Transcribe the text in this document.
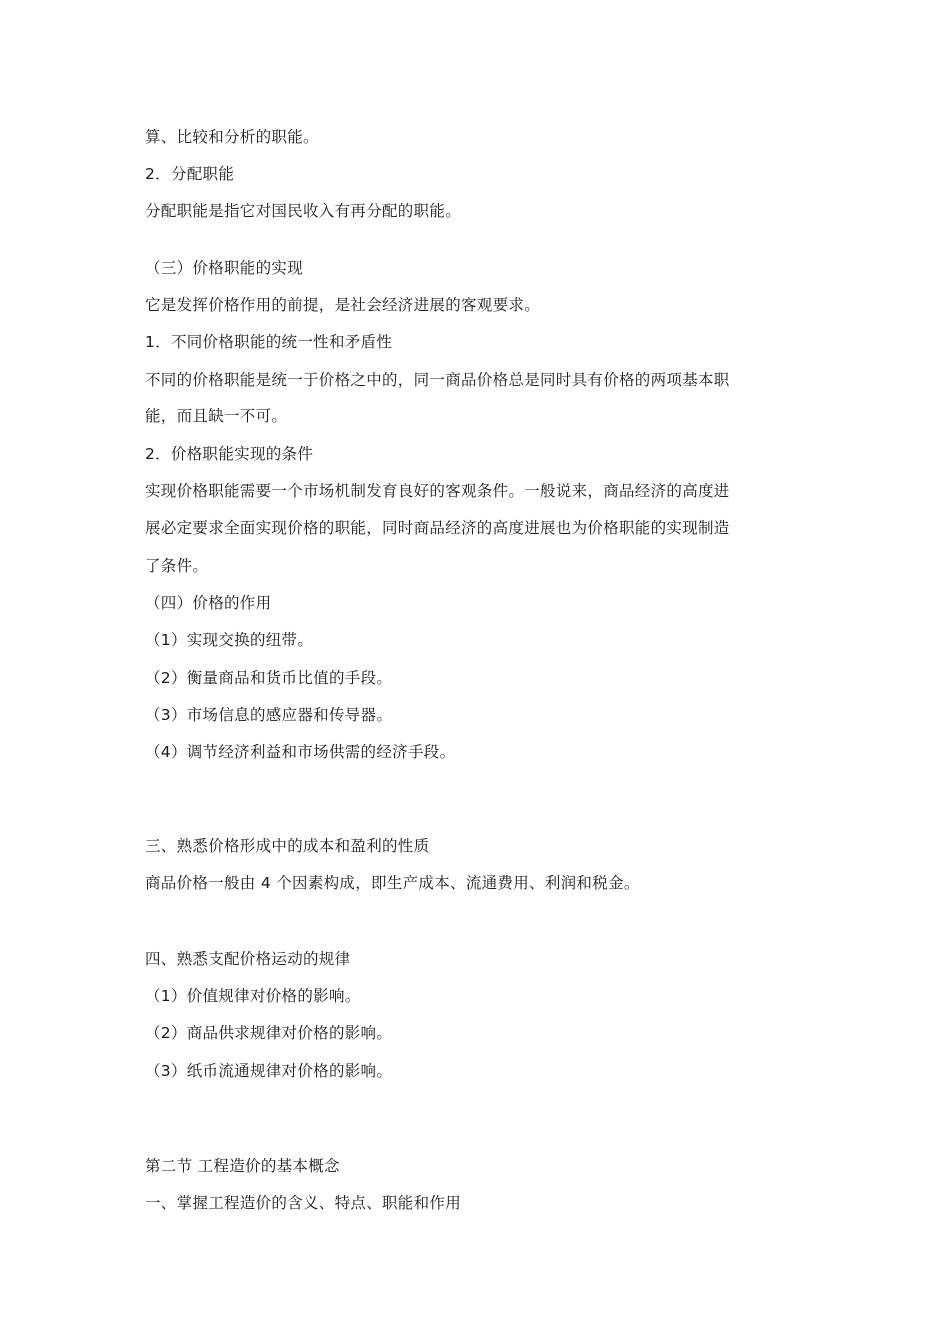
算、比较和分析的职能。
2．分配职能
分配职能是指它对国民收入有再分配的职能。
（三）价格职能的实现
它是发挥价格作用的前提，是社会经济进展的客观要求。
1．不同价格职能的统一性和矛盾性
不同的价格职能是统一于价格之中的，同一商品价格总是同时具有价格的两项基本职
能，而且缺一不可。
2．价格职能实现的条件
实现价格职能需要一个市场机制发育良好的客观条件。一般说来，商品经济的高度进
展必定要求全面实现价格的职能，同时商品经济的高度进展也为价格职能的实现制造
了条件。
（四）价格的作用
（1）实现交换的纽带。
（2）衡量商品和货币比值的手段。
（3）市场信息的感应器和传导器。
（4）调节经济利益和市场供需的经济手段。
三、熟悉价格形成中的成本和盈利的性质
商品价格一般由 4 个因素构成，即生产成本、流通费用、利润和税金。
四、熟悉支配价格运动的规律
（1）价值规律对价格的影响。
（2）商品供求规律对价格的影响。
（3）纸币流通规律对价格的影响。
第二节 工程造价的基本概念
一、掌握工程造价的含义、特点、职能和作用
